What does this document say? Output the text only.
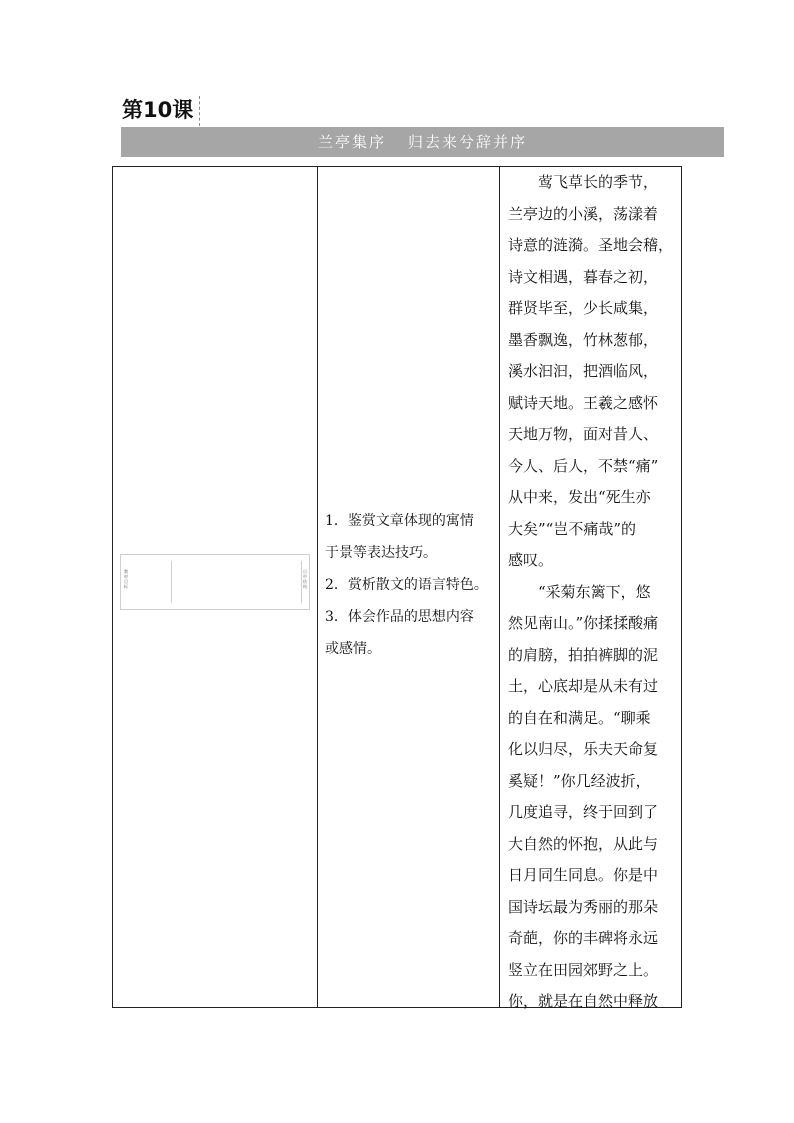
第10课
兰亭集序 归去来兮辞并序
教材目标
日中结构

1．鉴赏文章体现的寓情
于景等表达技巧。

2．赏析散文的语言特色。

3．体会作品的思想内容
或感情。

莺飞草长的季节，
兰亭边的小溪，荡漾着
诗意的涟漪。圣地会稽，
诗文相遇，暮春之初，
群贤毕至，少长咸集，
墨香飘逸，竹林葱郁，
溪水汩汩，把酒临风，
赋诗天地。王羲之感怀
天地万物，面对昔人、
今人、后人，不禁“痛”
从中来，发出“死生亦
大矣”“岂不痛哉”的
感叹。
“采菊东篱下，悠
然见南山。”你揉揉酸痛
的肩膀，拍拍裤脚的泥
土，心底却是从未有过
的自在和满足。“聊乘
化以归尽，乐夫天命复
奚疑！”你几经波折，
几度追寻，终于回到了
大自然的怀抱，从此与
日月同生同息。你是中
国诗坛最为秀丽的那朵
奇葩，你的丰碑将永远
竖立在田园郊野之上。
你，就是在自然中释放
